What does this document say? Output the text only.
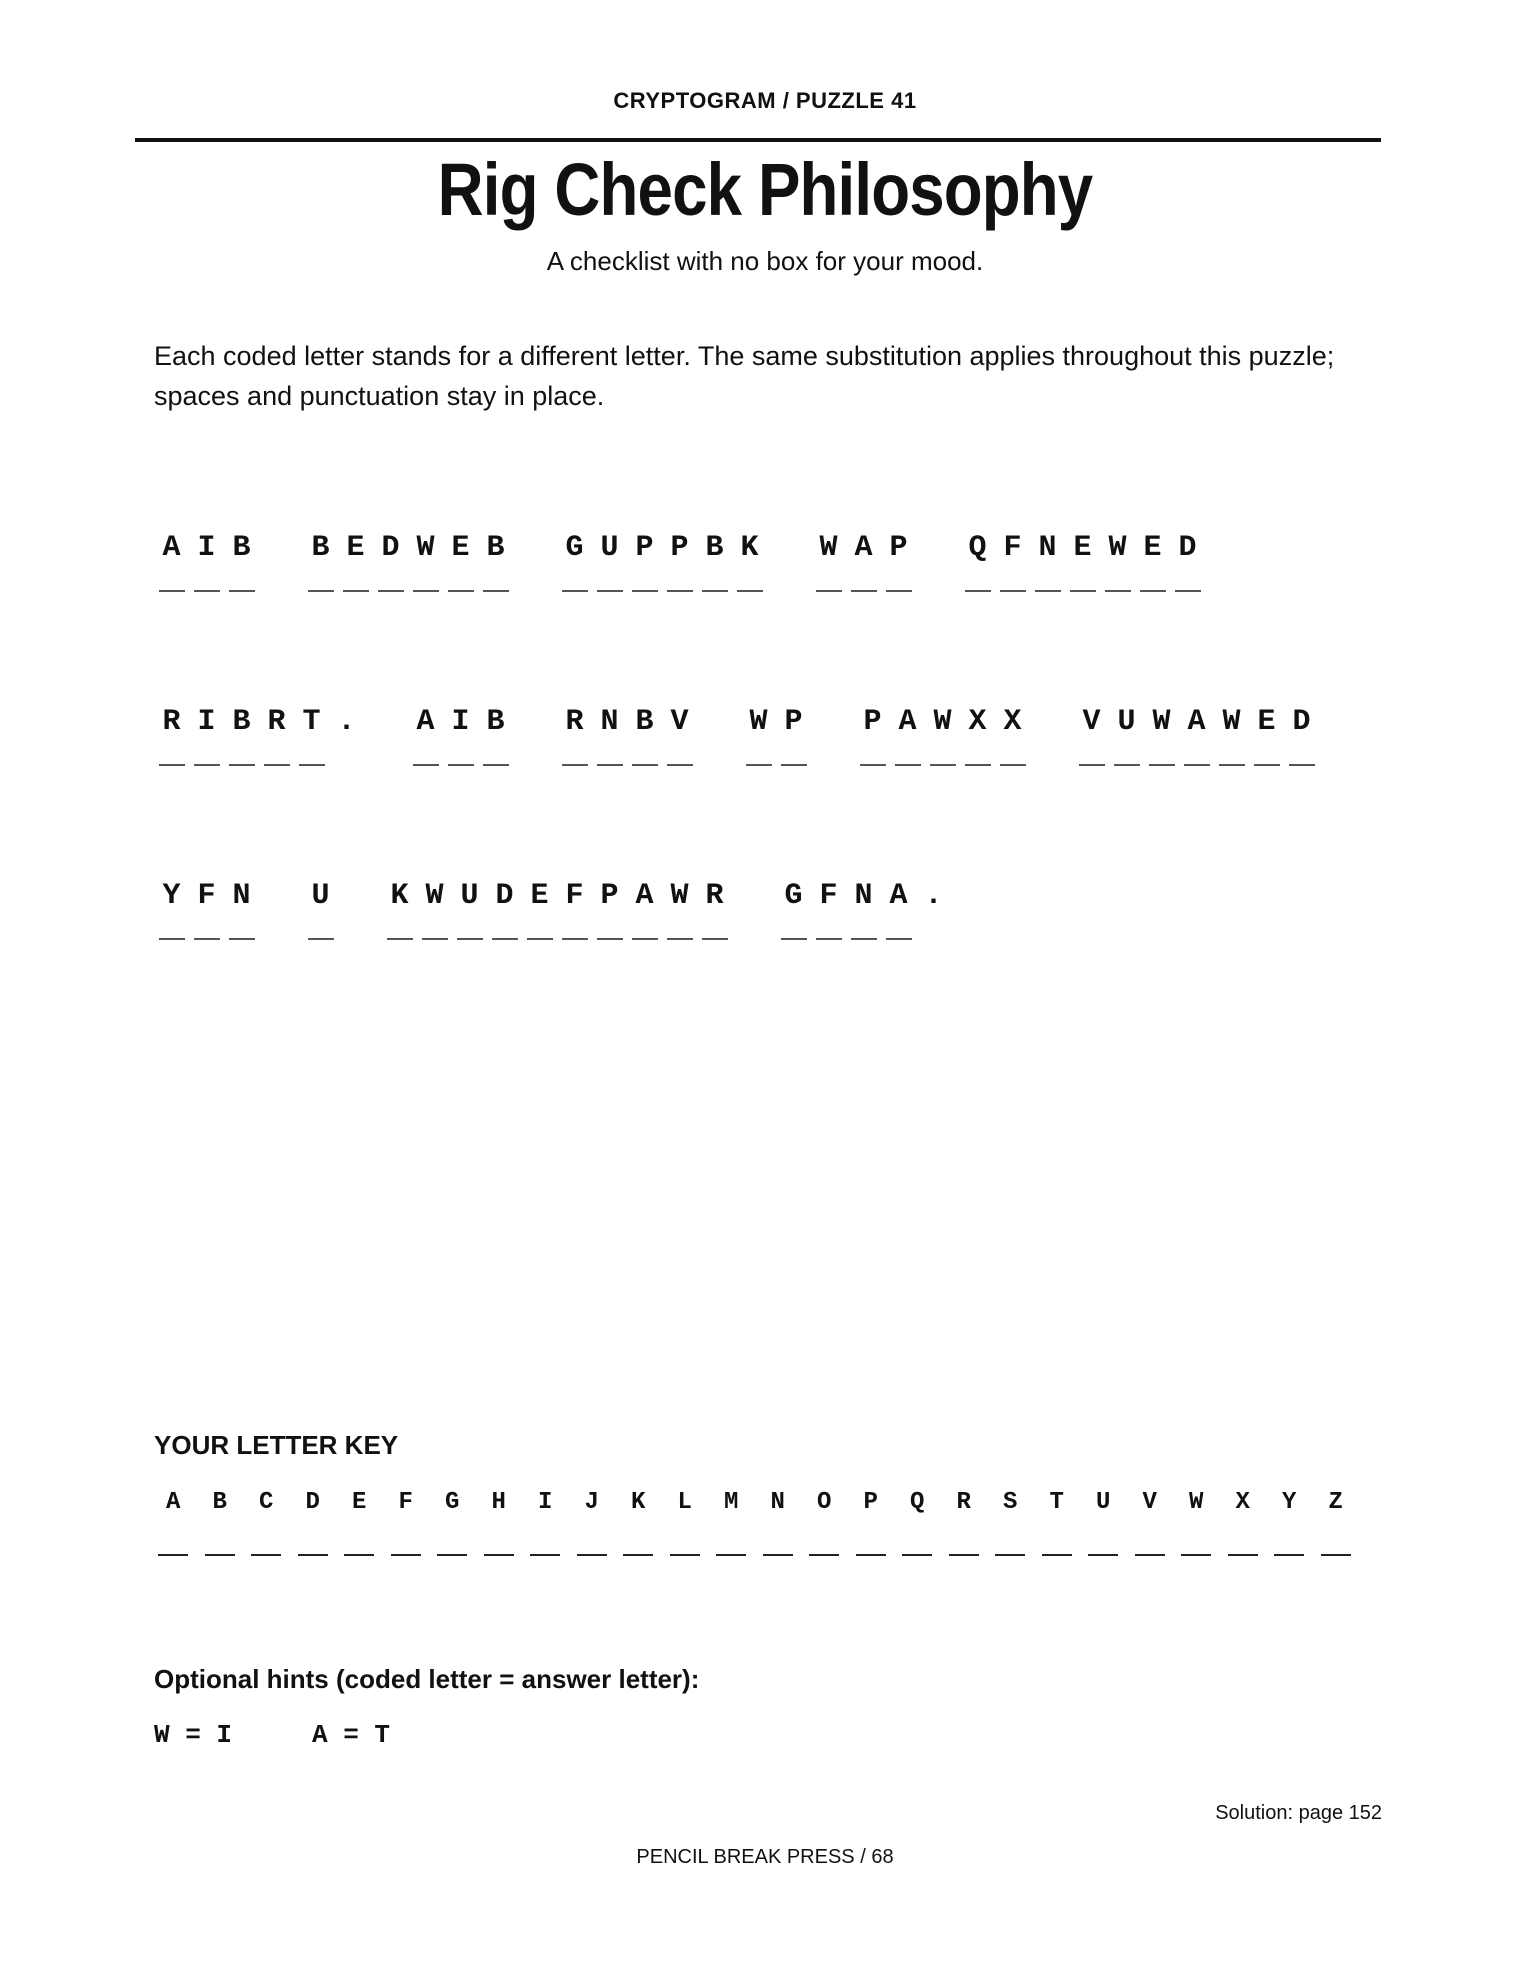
CRYPTOGRAM / PUZZLE 41
Rig Check Philosophy
A checklist with no box for your mood.
Each coded letter stands for a different letter. The same substitution applies throughout this puzzle; spaces and punctuation stay in place.
A I B B E D W E B G U P P B K W A P Q F N E W E D
R I B R T . A I B R N B V W P P A W X X V U W A W E D
Y F N U K W U D E F P A W R G F N A .
YOUR LETTER KEY
A B C D E F G H I J K L M N O P Q R S T U V W X Y Z
Optional hints (coded letter = answer letter):
W = I	A = T
Solution: page 152
PENCIL BREAK PRESS / 68
